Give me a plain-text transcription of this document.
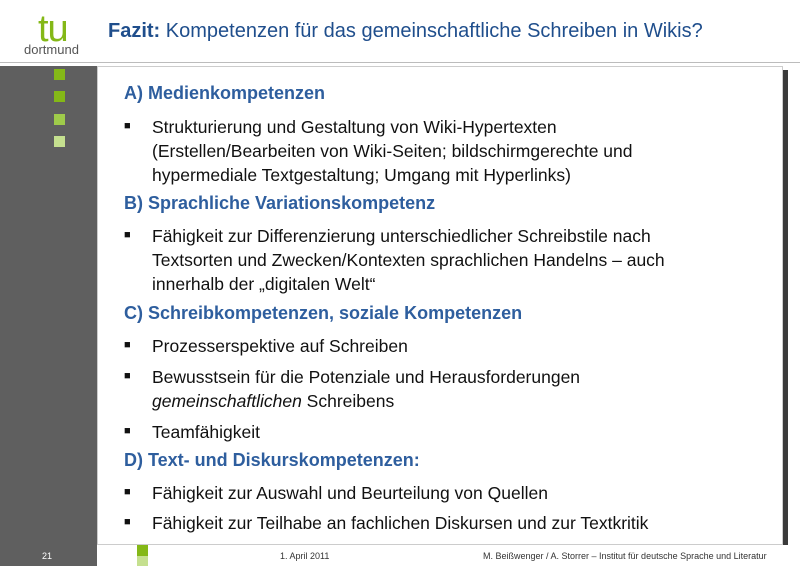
tu
dortmund
Fazit: Kompetenzen für das gemeinschaftliche Schreiben in Wikis?
A) Medienkompetenzen
■ Strukturierung und Gestaltung von Wiki-Hypertexten
(Erstellen/Bearbeiten von Wiki-Seiten; bildschirmgerechte und
hypermediale Textgestaltung; Umgang mit Hyperlinks)
B) Sprachliche Variationskompetenz
■ Fähigkeit zur Differenzierung unterschiedlicher Schreibstile nach
Textsorten und Zwecken/Kontexten sprachlichen Handelns – auch
innerhalb der „digitalen Welt“
C) Schreibkompetenzen, soziale Kompetenzen
■ Prozesserspektive auf Schreiben
■ Bewusstsein für die Potenziale und Herausforderungen
gemeinschaftlichen Schreibens
■ Teamfähigkeit
D) Text- und Diskurskompetenzen:
■ Fähigkeit zur Auswahl und Beurteilung von Quellen
■ Fähigkeit zur Teilhabe an fachlichen Diskursen und zur Textkritik
21	1. April 2011	M. Beißwenger / A. Storrer – Institut für deutsche Sprache und Literatur
